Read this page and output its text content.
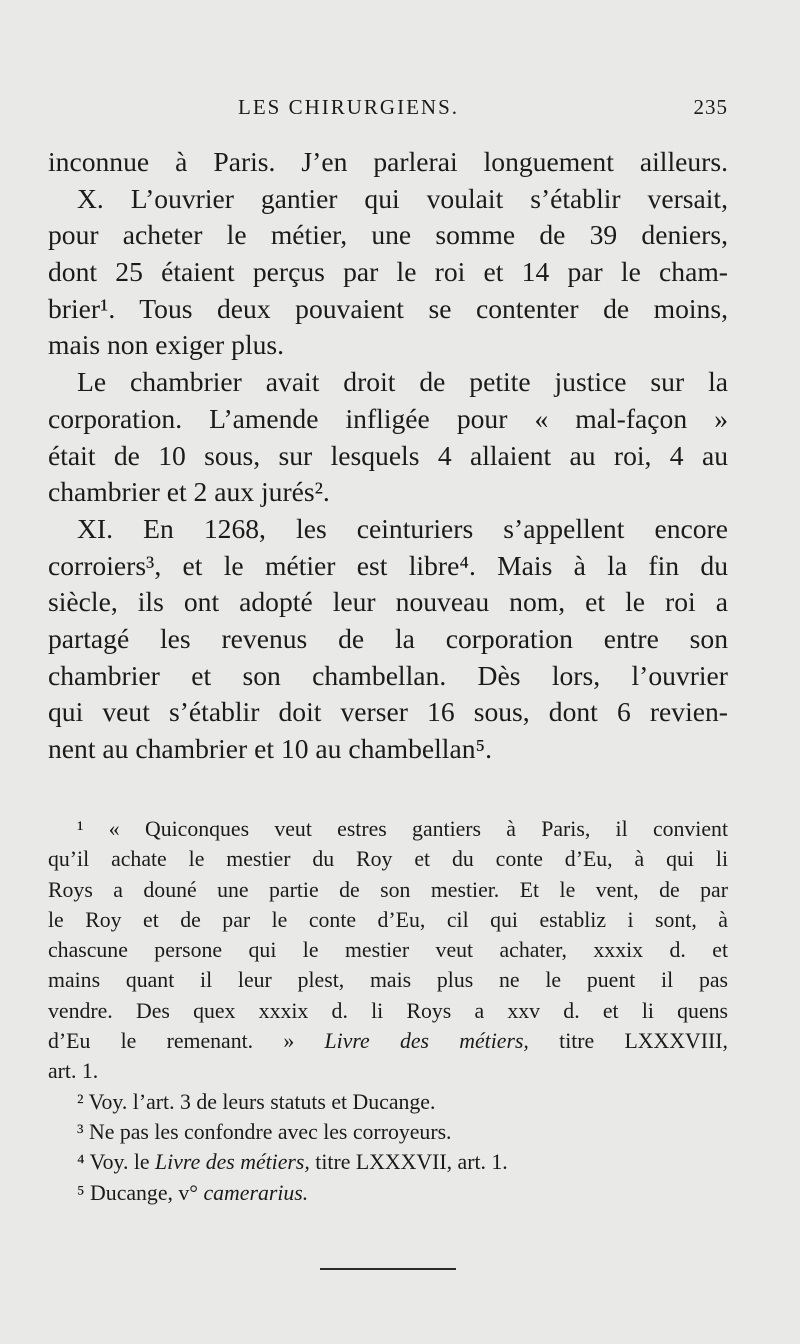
LES CHIRURGIENS.	235
inconnue à Paris. J’en parlerai longuement ailleurs.
X. L’ouvrier gantier qui voulait s’établir versait,
pour acheter le métier, une somme de 39 deniers,
dont 25 étaient perçus par le roi et 14 par le cham-
brier¹. Tous deux pouvaient se contenter de moins,
mais non exiger plus.
Le chambrier avait droit de petite justice sur la
corporation. L’amende infligée pour « mal-façon »
était de 10 sous, sur lesquels 4 allaient au roi, 4 au
chambrier et 2 aux jurés².
XI. En 1268, les ceinturiers s’appellent encore
corroiers³, et le métier est libre⁴. Mais à la fin du
siècle, ils ont adopté leur nouveau nom, et le roi a
partagé les revenus de la corporation entre son
chambrier et son chambellan. Dès lors, l’ouvrier
qui veut s’établir doit verser 16 sous, dont 6 revien-
nent au chambrier et 10 au chambellan⁵.
¹ « Quiconques veut estres gantiers à Paris, il convient
qu’il achate le mestier du Roy et du conte d’Eu, à qui li
Roys a douné une partie de son mestier. Et le vent, de par
le Roy et de par le conte d’Eu, cil qui establiz i sont, à
chascune persone qui le mestier veut achater, xxxix d. et
mains quant il leur plest, mais plus ne le puent il pas
vendre. Des quex xxxix d. li Roys a xxv d. et li quens
d’Eu le remenant. » Livre des métiers, titre LXXXVIII,
art. 1.
² Voy. l’art. 3 de leurs statuts et Ducange.
³ Ne pas les confondre avec les corroyeurs.
⁴ Voy. le Livre des métiers, titre LXXXVII, art. 1.
⁵ Ducange, v° camerarius.
